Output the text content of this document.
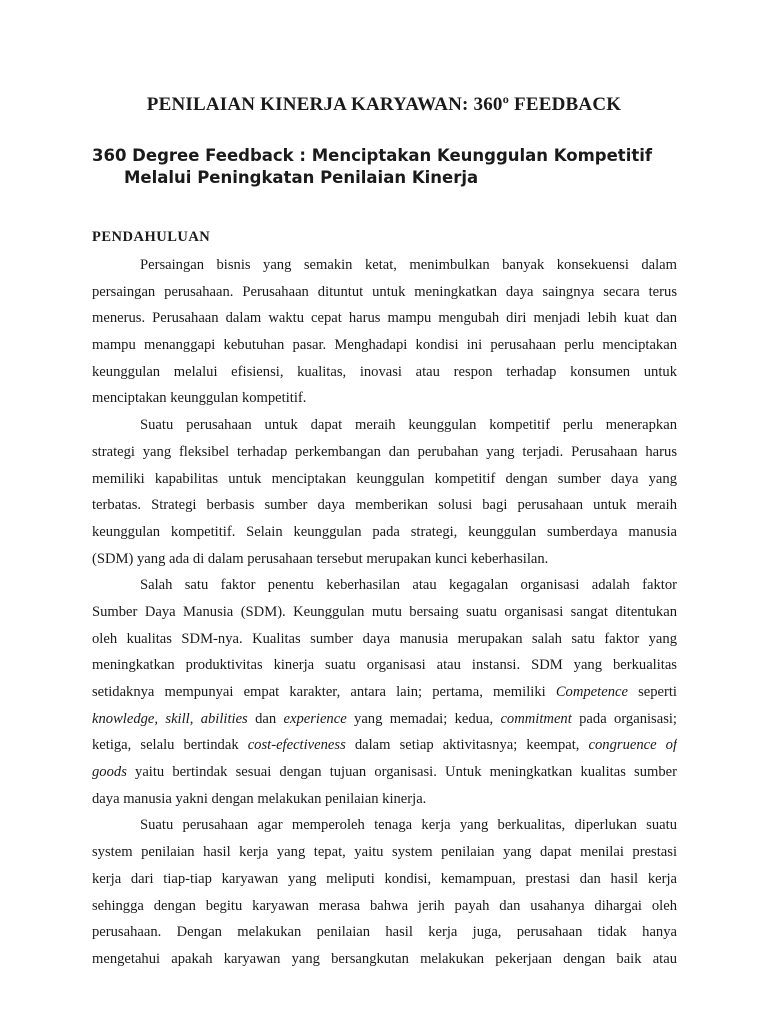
PENILAIAN KINERJA KARYAWAN: 360º FEEDBACK
360 Degree Feedback : Menciptakan Keunggulan Kompetitif
Melalui Peningkatan Penilaian Kinerja
PENDAHULUAN
Persaingan bisnis yang semakin ketat, menimbulkan banyak konsekuensi dalam
persaingan perusahaan. Perusahaan dituntut untuk meningkatkan daya saingnya secara terus
menerus. Perusahaan dalam waktu cepat harus mampu mengubah diri menjadi lebih kuat dan
mampu menanggapi kebutuhan pasar. Menghadapi kondisi ini perusahaan perlu menciptakan
keunggulan melalui efisiensi, kualitas, inovasi atau respon terhadap konsumen untuk
menciptakan keunggulan kompetitif.
Suatu perusahaan untuk dapat meraih keunggulan kompetitif perlu menerapkan
strategi yang fleksibel terhadap perkembangan dan perubahan yang terjadi. Perusahaan harus
memiliki kapabilitas untuk menciptakan keunggulan kompetitif dengan sumber daya yang
terbatas. Strategi berbasis sumber daya memberikan solusi bagi perusahaan untuk meraih
keunggulan kompetitif. Selain keunggulan pada strategi, keunggulan sumberdaya manusia
(SDM) yang ada di dalam perusahaan tersebut merupakan kunci keberhasilan.
Salah satu faktor penentu keberhasilan atau kegagalan organisasi adalah faktor
Sumber Daya Manusia (SDM). Keunggulan mutu bersaing suatu organisasi sangat ditentukan
oleh kualitas SDM-nya. Kualitas sumber daya manusia merupakan salah satu faktor yang
meningkatkan produktivitas kinerja suatu organisasi atau instansi. SDM yang berkualitas
setidaknya mempunyai empat karakter, antara lain; pertama, memiliki Competence seperti
knowledge, skill, abilities dan experience yang memadai; kedua, commitment pada organisasi;
ketiga, selalu bertindak cost-efectiveness dalam setiap aktivitasnya; keempat, congruence of
goods yaitu bertindak sesuai dengan tujuan organisasi. Untuk meningkatkan kualitas sumber
daya manusia yakni dengan melakukan penilaian kinerja.
Suatu perusahaan agar memperoleh tenaga kerja yang berkualitas, diperlukan suatu
system penilaian hasil kerja yang tepat, yaitu system penilaian yang dapat menilai prestasi
kerja dari tiap-tiap karyawan yang meliputi kondisi, kemampuan, prestasi dan hasil kerja
sehingga dengan begitu karyawan merasa bahwa jerih payah dan usahanya dihargai oleh
perusahaan. Dengan melakukan penilaian hasil kerja juga, perusahaan tidak hanya
mengetahui apakah karyawan yang bersangkutan melakukan pekerjaan dengan baik atau
